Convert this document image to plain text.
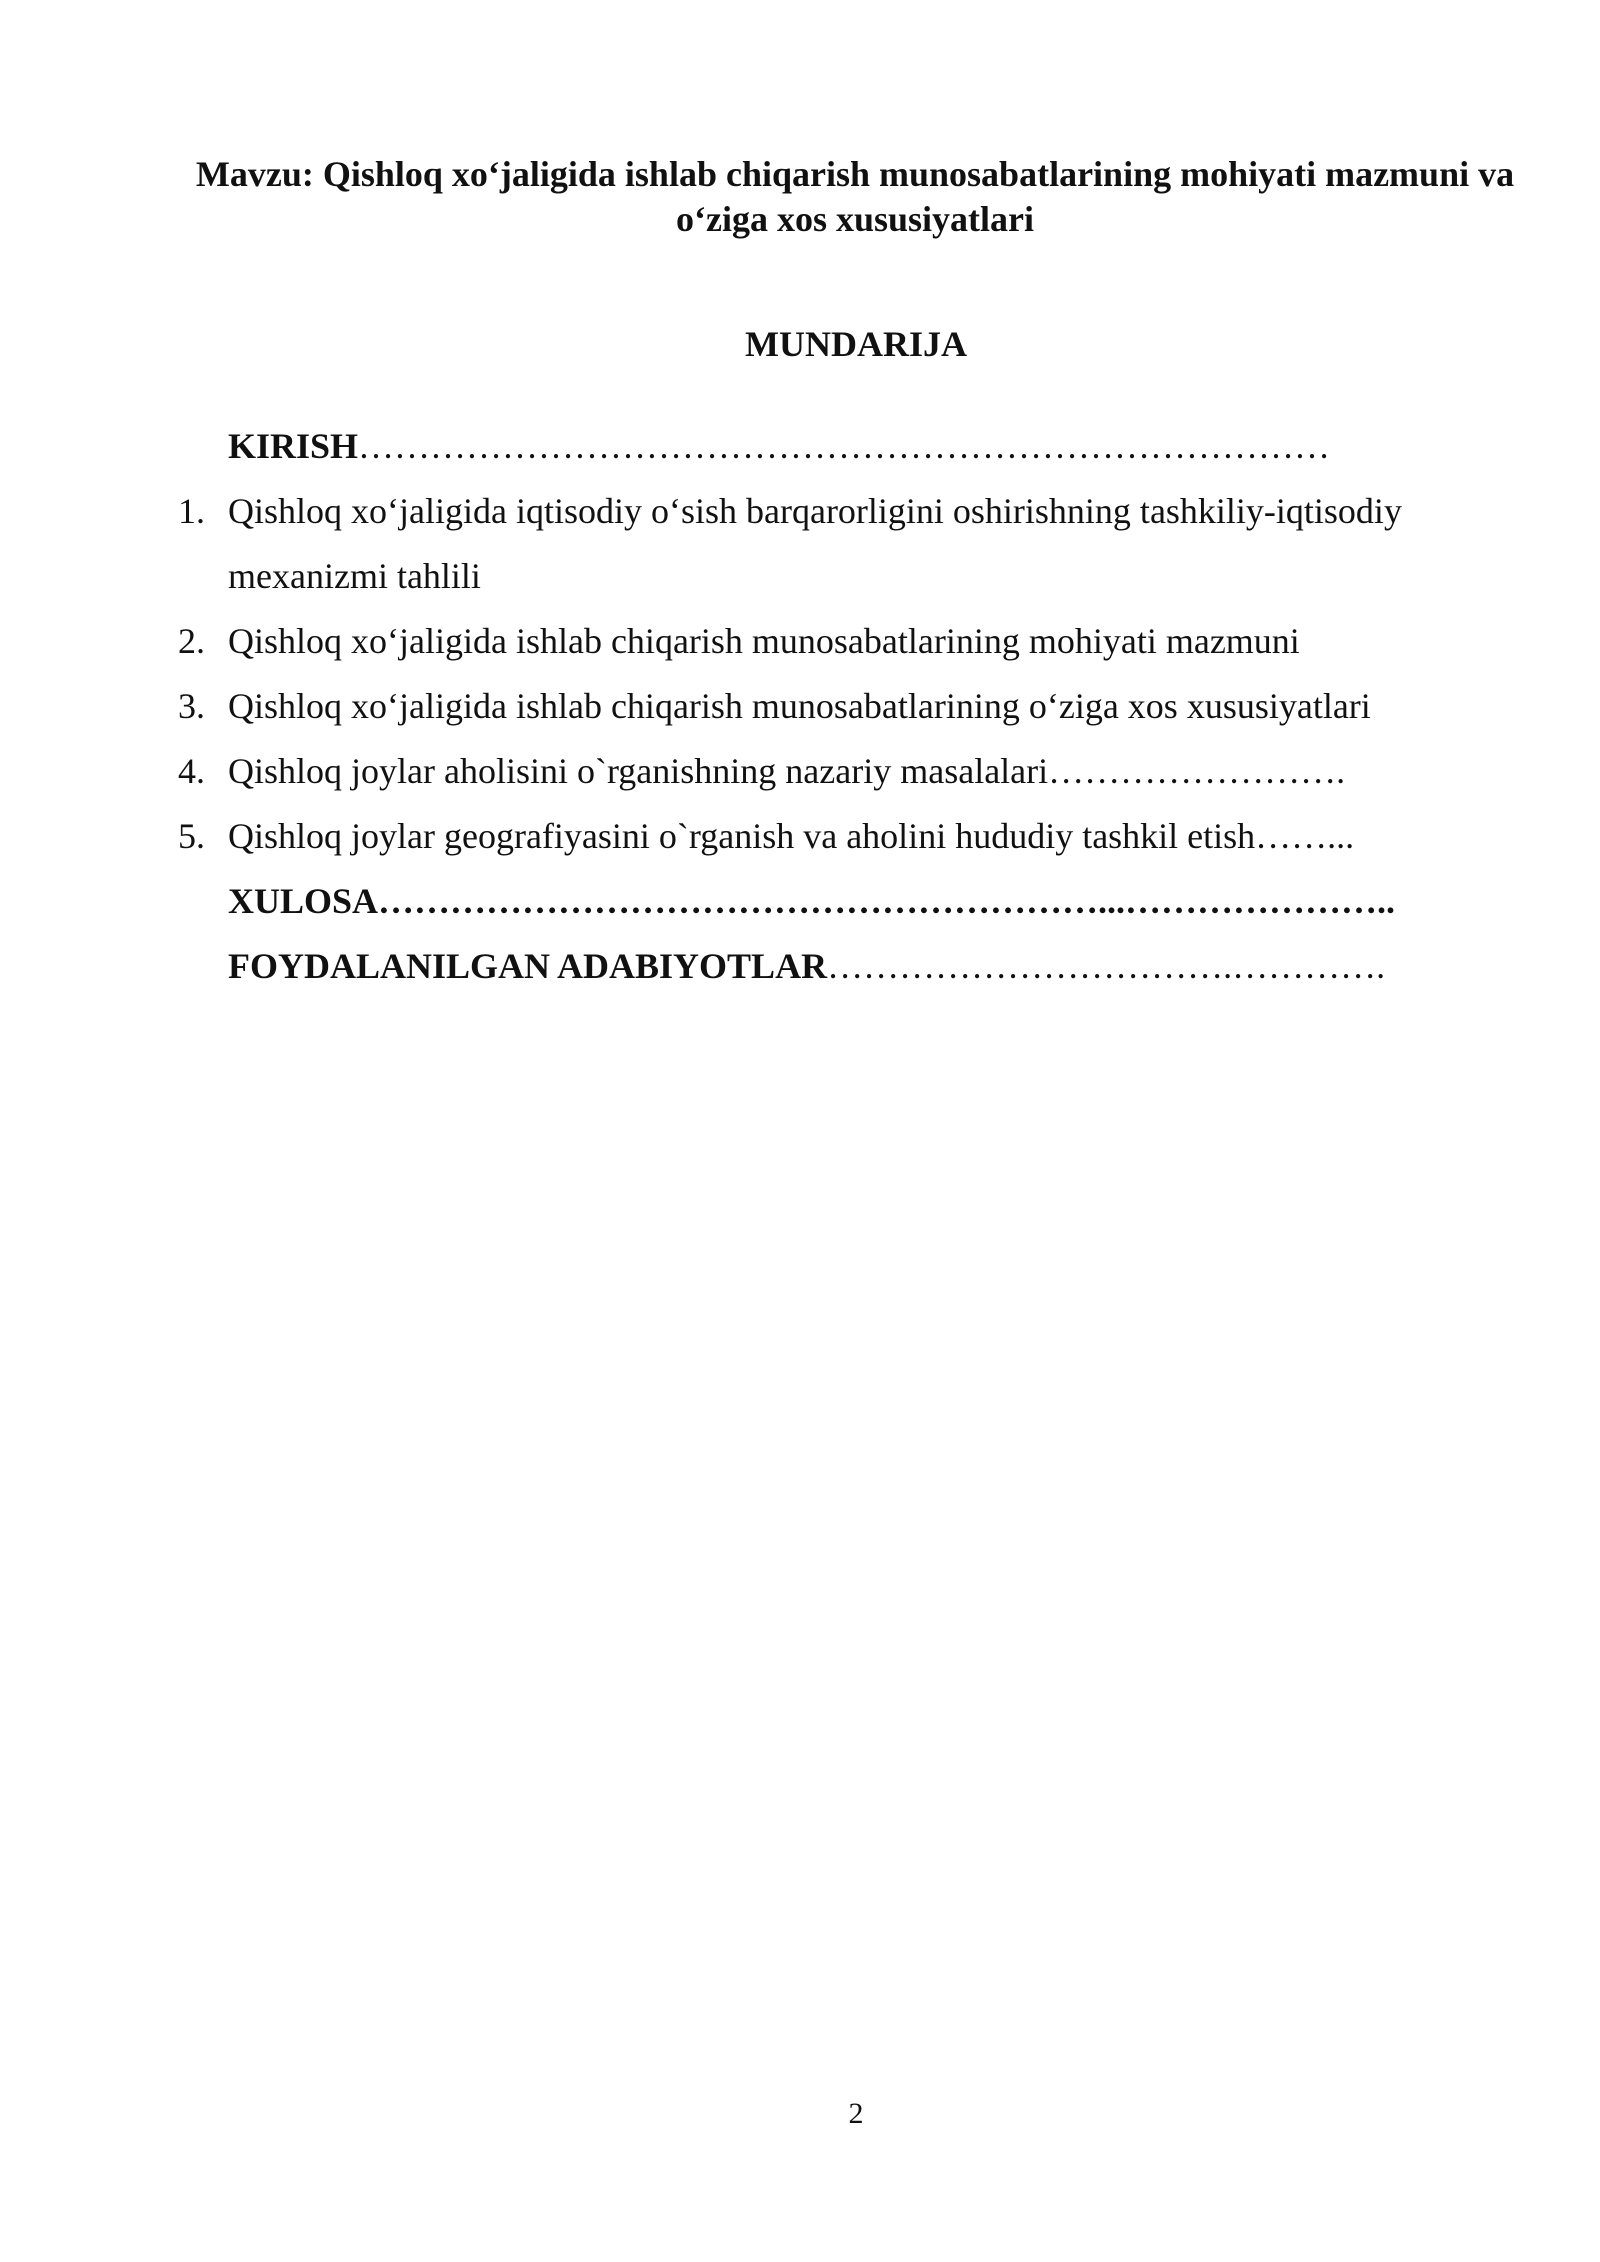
Mavzu: Qishloq xo‘jaligida ishlab chiqarish munosabatlarining mohiyati mazmuni va o‘ziga xos xususiyatlari
MUNDARIJA
KIRISH………………………………………………………………………
1. Qishloq xo‘jaligida iqtisodiy o‘sish barqarorligini oshirishning tashkiliy-iqtisodiy
mexanizmi tahlili
2. Qishloq xo‘jaligida ishlab chiqarish munosabatlarining mohiyati mazmuni
3. Qishloq xo‘jaligida ishlab chiqarish munosabatlarining o‘ziga xos xususiyatlari
4. Qishloq joylar aholisini o`rganishning nazariy masalalari…………………….
5. Qishloq joylar geografiyasini o`rganish va aholini hududiy tashkil etish……...
XULOSA……………………………………………………...…………………..
FOYDALANILGAN ADABIYOTLAR…………………………….………….
2
